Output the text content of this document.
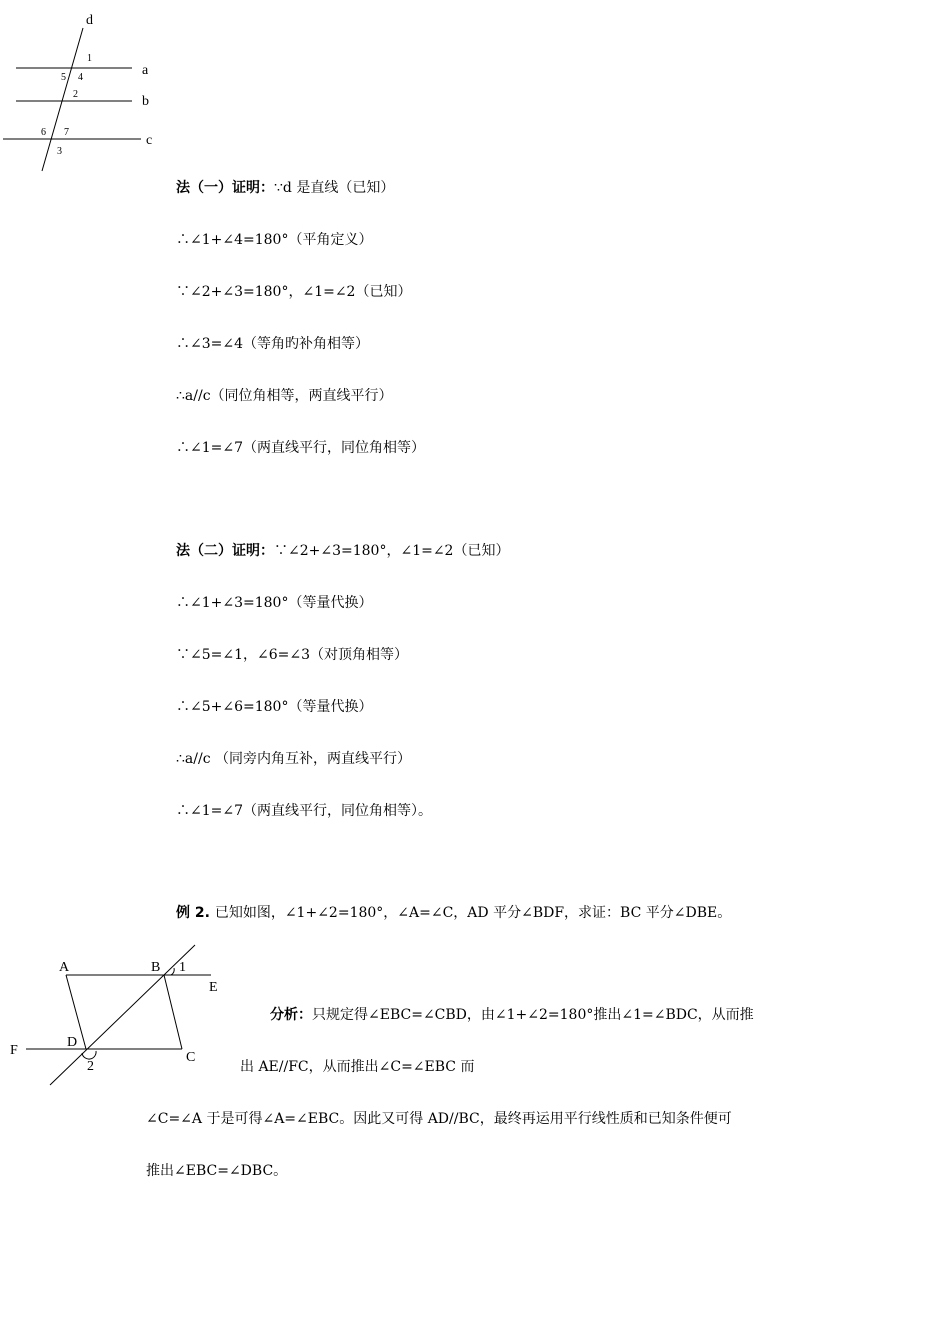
d
a
b
c
1
5 4
2
6 7
3
法（一）证明：∵d 是直线（已知）
∴∠1+∠4=180°（平角定义）
∵∠2+∠3=180°，∠1=∠2（已知）
∴∠3=∠4（等角旳补角相等）
∴a//c（同位角相等，两直线平行）
∴∠1=∠7（两直线平行，同位角相等）
法（二）证明：∵∠2+∠3=180°，∠1=∠2（已知）
∴∠1+∠3=180°（等量代换）
∵∠5=∠1，∠6=∠3（对顶角相等）
∴∠5+∠6=180°（等量代换）
∴a//c （同旁内角互补，两直线平行）
∴∠1=∠7（两直线平行，同位角相等）。
例 2. 已知如图，∠1+∠2=180°，∠A=∠C，AD 平分∠BDF，求证：BC 平分∠DBE。
A	B 1
E
F
D
C
2
分析：只规定得∠EBC=∠CBD，由∠1+∠2=180°推出∠1=∠BDC，从而推
出 AE//FC，从而推出∠C=∠EBC 而
∠C=∠A 于是可得∠A=∠EBC。因此又可得 AD//BC，最终再运用平行线性质和已知条件便可
推出∠EBC=∠DBC。
